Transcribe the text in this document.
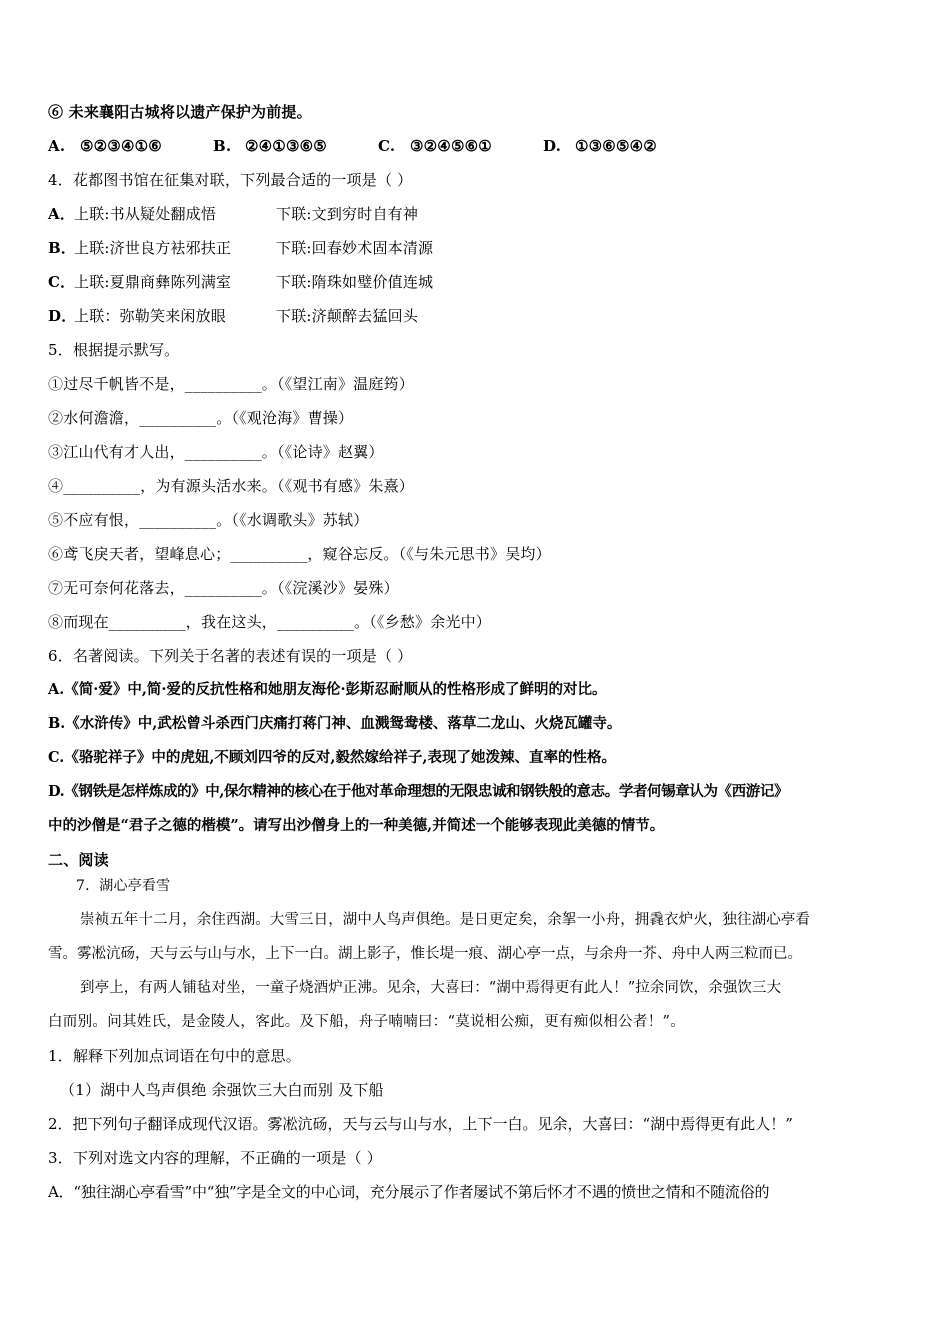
⑥ 未来襄阳古城将以遗产保护为前提。
A. ⑤②③④①⑥	B. ②④①③⑥⑤	C. ③②④⑤⑥①	D. ①③⑥⑤④②
4．花都图书馆在征集对联，下列最合适的一项是（ ）
A．上联:书从疑处翻成悟	下联:文到穷时自有神
B．上联:济世良方袪邪扶正	下联:回春妙术固本清源
C．上联:夏鼎商彝陈列满室	下联:隋珠如璧价值连城
D．上联：弥勒笑来闲放眼	下联:济颠醉去猛回头
5．根据提示默写。
①过尽千帆皆不是，__________。（《望江南》温庭筠）
②水何澹澹，__________。（《观沧海》曹操）
③江山代有才人出，__________。（《论诗》赵翼）
④__________，为有源头活水来。（《观书有感》朱熹）
⑤不应有恨，__________。（《水调歌头》苏轼）
⑥鸢飞戾天者，望峰息心；__________，窥谷忘反。（《与朱元思书》吴均）
⑦无可奈何花落去，__________。（《浣溪沙》晏殊）
⑧而现在__________，我在这头，__________。（《乡愁》余光中）
6．名著阅读。下列关于名著的表述有误的一项是（ ）
A.《简·爱》中,简·爱的反抗性格和她朋友海伦·彭斯忍耐顺从的性格形成了鲜明的对比。
B.《水浒传》中,武松曾斗杀西门庆痛打蒋门神、血溅鸳鸯楼、落草二龙山、火烧瓦罐寺。
C.《骆驼祥子》中的虎妞,不顾刘四爷的反对,毅然嫁给祥子,表现了她泼辣、直率的性格。
D.《钢铁是怎样炼成的》中,保尔精神的核心在于他对革命理想的无限忠诚和钢铁般的意志。学者何锡章认为《西游记》
中的沙僧是“君子之德的楷模”。请写出沙僧身上的一种美德,并简述一个能够表现此美德的情节。
二、阅读
7．湖心亭看雪
崇祯五年十二月，余住西湖。大雪三日，湖中人鸟声俱绝。是日更定矣，余挐一小舟，拥毳衣炉火，独往湖心亭看
雪。雾凇沆砀，天与云与山与水，上下一白。湖上影子，惟长堤一痕、湖心亭一点，与余舟一芥、舟中人两三粒而已。
到亭上，有两人铺毡对坐，一童子烧酒炉正沸。见余，大喜曰：“湖中焉得更有此人！”拉余同饮，余强饮三大
白而别。问其姓氏，是金陵人，客此。及下船，舟子喃喃曰：“莫说相公痴，更有痴似相公者！”。
1．解释下列加点词语在句中的意思。
（1）湖中人鸟声俱绝 余强饮三大白而别 及下船
2．把下列句子翻译成现代汉语。雾凇沆砀，天与云与山与水，上下一白。见余，大喜曰：“湖中焉得更有此人！”
3．下列对选文内容的理解，不正确的一项是（ ）
A．“独往湖心亭看雪”中“独”字是全文的中心词，充分展示了作者屡试不第后怀才不遇的愤世之情和不随流俗的
